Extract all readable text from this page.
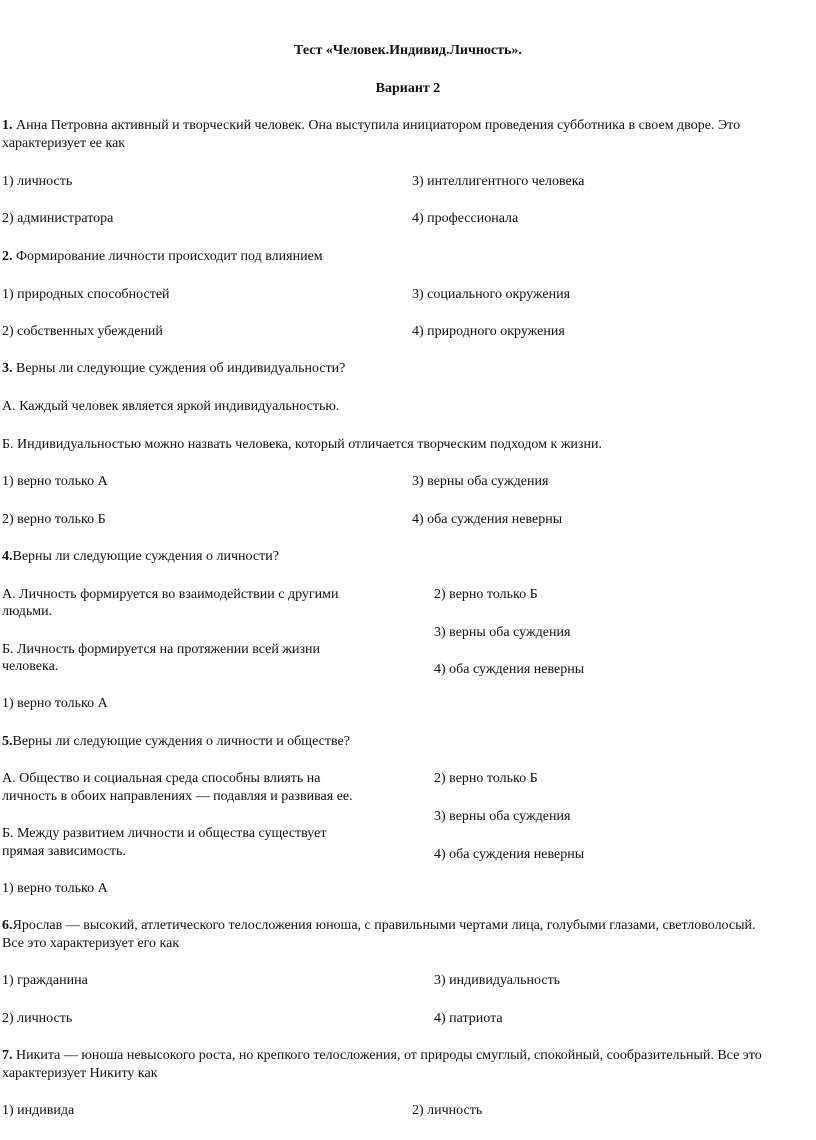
Тест «Человек.Индивид.Личность».
Вариант 2
1. Анна Петровна активный и творческий человек. Она выступила инициатором проведения субботника в своем дворе. Это
характеризует ее как
1) личность	3) интеллигентного человека
2) администратора	4) профессионала
2. Формирование личности происходит под влиянием
1) природных способностей	3) социального окружения
2) собственных убеждений	4) природного окружения
3. Верны ли следующие суждения об индивидуальности?
А. Каждый человек является яркой индивидуальностью.
Б. Индивидуальностью можно назвать человека, который отличается творческим подходом к жизни.
1) верно только А	3) верны оба суждения
2) верно только Б	4) оба суждения неверны
4.Верны ли следующие суждения о личности?
А. Личность формируется во взаимодействии с другими
людьми.
Б. Личность формируется на протяжении всей жизни
человека.
1) верно только А
2) верно только Б
3) верны оба суждения
4) оба суждения неверны
5.Верны ли следующие суждения о личности и обществе?
А. Общество и социальная среда способны влиять на
личность в обоих направлениях — подавляя и развивая ее.
Б. Между развитием личности и общества существует
прямая зависимость.
1) верно только А
2) верно только Б
3) верны оба суждения
4) оба суждения неверны
6.Ярослав — высокий, атлетического телосложения юноша, с правильными чертами лица, голубыми глазами, светловолосый.
Все это характеризует его как
1) гражданина	3) индивидуальность
2) личность	4) патриота
7. Никита — юноша невысокого роста, но крепкого телосложения, от природы смуглый, спокойный, сообразительный. Все это
характеризует Никиту как
1) индивида	2) личность
